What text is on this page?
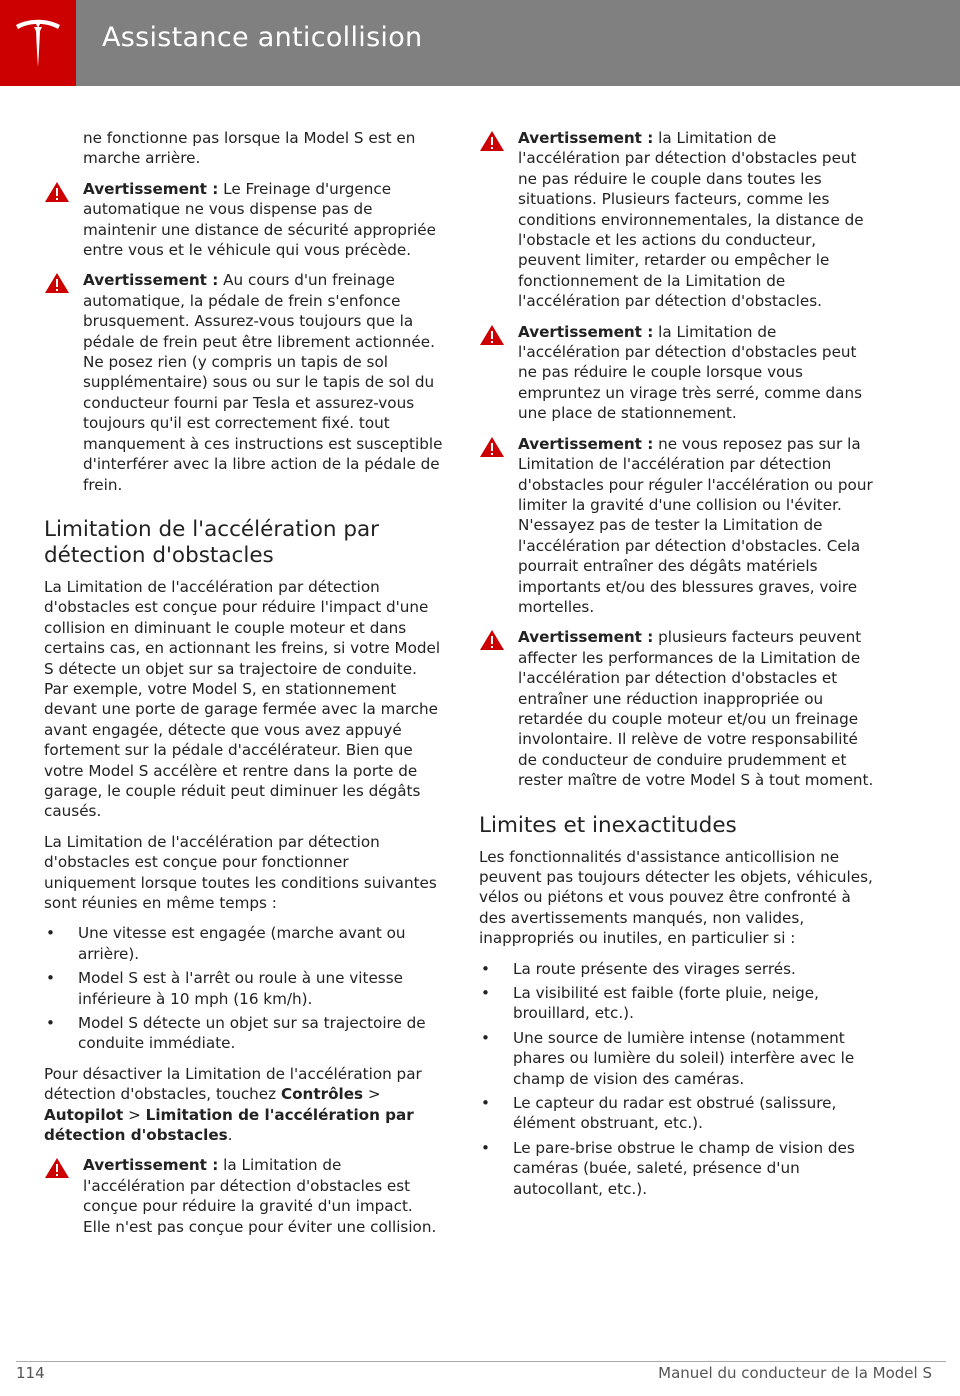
Assistance anticollision

ne fonctionne pas lorsque la Model S est en marche arrière.

Avertissement : Le Freinage d'urgence automatique ne vous dispense pas de maintenir une distance de sécurité appropriée entre vous et le véhicule qui vous précède.
Avertissement : Au cours d'un freinage automatique, la pédale de frein s'enfonce brusquement. Assurez-vous toujours que la pédale de frein peut être librement actionnée. Ne posez rien (y compris un tapis de sol supplémentaire) sous ou sur le tapis de sol du conducteur fourni par Tesla et assurez-vous toujours qu'il est correctement fixé. tout manquement à ces instructions est susceptible d'interférer avec la libre action de la pédale de frein.
Limitation de l'accélération par détection d'obstacles

La Limitation de l'accélération par détection d'obstacles est conçue pour réduire l'impact d'une collision en diminuant le couple moteur et dans certains cas, en actionnant les freins, si votre Model S détecte un objet sur sa trajectoire de conduite. Par exemple, votre Model S, en stationnement devant une porte de garage fermée avec la marche avant engagée, détecte que vous avez appuyé fortement sur la pédale d'accélérateur. Bien que votre Model S accélère et rentre dans la porte de garage, le couple réduit peut diminuer les dégâts causés.

La Limitation de l'accélération par détection d'obstacles est conçue pour fonctionner uniquement lorsque toutes les conditions suivantes sont réunies en même temps :

• Une vitesse est engagée (marche avant ou arrière).
• Model S est à l'arrêt ou roule à une vitesse inférieure à 10 mph (16 km/h).
• Model S détecte un objet sur sa trajectoire de conduite immédiate.

Pour désactiver la Limitation de l'accélération par détection d'obstacles, touchez Contrôles > Autopilot > Limitation de l'accélération par détection d'obstacles.

Avertissement : la Limitation de l'accélération par détection d'obstacles est conçue pour réduire la gravité d'un impact. Elle n'est pas conçue pour éviter une collision.
Avertissement : la Limitation de l'accélération par détection d'obstacles peut ne pas réduire le couple dans toutes les situations. Plusieurs facteurs, comme les conditions environnementales, la distance de l'obstacle et les actions du conducteur, peuvent limiter, retarder ou empêcher le fonctionnement de la Limitation de l'accélération par détection d'obstacles.
Avertissement : la Limitation de l'accélération par détection d'obstacles peut ne pas réduire le couple lorsque vous empruntez un virage très serré, comme dans une place de stationnement.
Avertissement : ne vous reposez pas sur la Limitation de l'accélération par détection d'obstacles pour réguler l'accélération ou pour limiter la gravité d'une collision ou l'éviter. N'essayez pas de tester la Limitation de l'accélération par détection d'obstacles. Cela pourrait entraîner des dégâts matériels importants et/ou des blessures graves, voire mortelles.
Avertissement : plusieurs facteurs peuvent affecter les performances de la Limitation de l'accélération par détection d'obstacles et entraîner une réduction inappropriée ou retardée du couple moteur et/ou un freinage involontaire. Il relève de votre responsabilité de conducteur de conduire prudemment et rester maître de votre Model S à tout moment.
Limites et inexactitudes

Les fonctionnalités d'assistance anticollision ne peuvent pas toujours détecter les objets, véhicules, vélos ou piétons et vous pouvez être confronté à des avertissements manqués, non valides, inappropriés ou inutiles, en particulier si :

• La route présente des virages serrés.
• La visibilité est faible (forte pluie, neige, brouillard, etc.).
• Une source de lumière intense (notamment phares ou lumière du soleil) interfère avec le champ de vision des caméras.
• Le capteur du radar est obstrué (salissure, élément obstruant, etc.).
• Le pare-brise obstrue le champ de vision des caméras (buée, saleté, présence d'un autocollant, etc.).
114	Manuel du conducteur de la Model S
